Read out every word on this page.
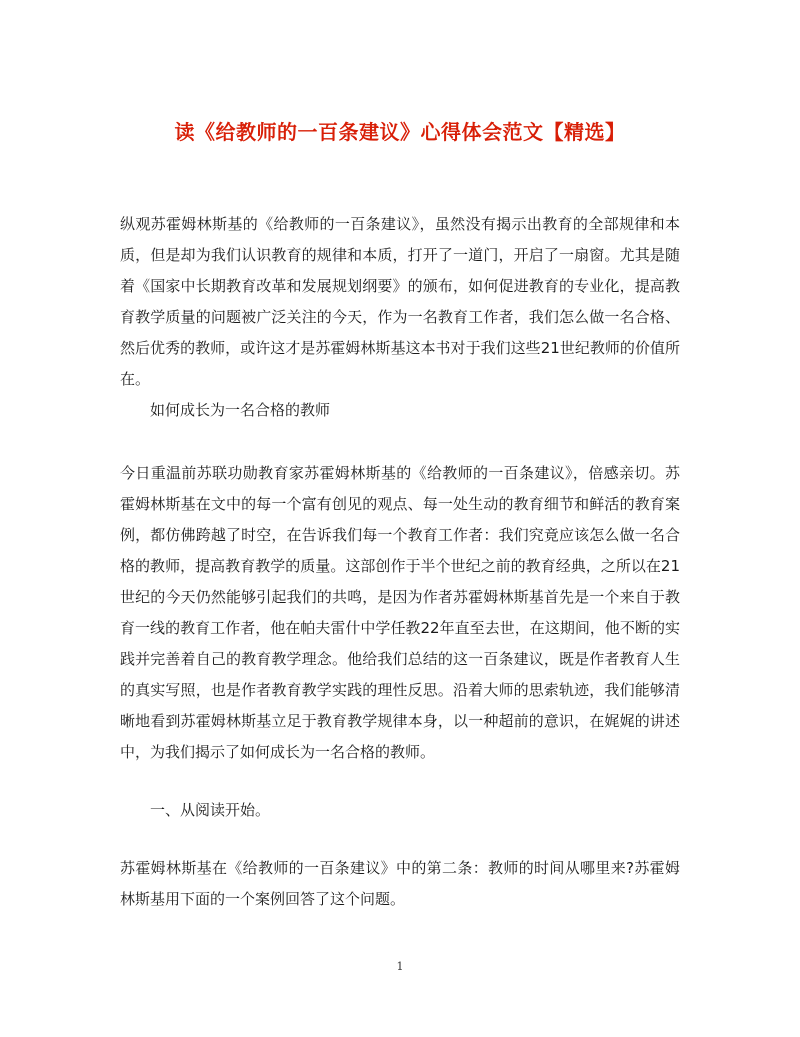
读《给教师的一百条建议》心得体会范文【精选】
纵观苏霍姆林斯基的《给教师的一百条建议》，虽然没有揭示出教育的全部规律和本质，但是却为我们认识教育的规律和本质，打开了一道门，开启了一扇窗。尤其是随着《国家中长期教育改革和发展规划纲要》的颁布，如何促进教育的专业化，提高教育教学质量的问题被广泛关注的今天，作为一名教育工作者，我们怎么做一名合格、然后优秀的教师，或许这才是苏霍姆林斯基这本书对于我们这些21世纪教师的价值所在。
如何成长为一名合格的教师
今日重温前苏联功勋教育家苏霍姆林斯基的《给教师的一百条建议》，倍感亲切。苏霍姆林斯基在文中的每一个富有创见的观点、每一处生动的教育细节和鲜活的教育案例，都仿佛跨越了时空，在告诉我们每一个教育工作者：我们究竟应该怎么做一名合格的教师，提高教育教学的质量。这部创作于半个世纪之前的教育经典，之所以在21世纪的今天仍然能够引起我们的共鸣，是因为作者苏霍姆林斯基首先是一个来自于教育一线的教育工作者，他在帕夫雷什中学任教22年直至去世，在这期间，他不断的实践并完善着自己的教育教学理念。他给我们总结的这一百条建议，既是作者教育人生的真实写照，也是作者教育教学实践的理性反思。沿着大师的思索轨迹，我们能够清晰地看到苏霍姆林斯基立足于教育教学规律本身，以一种超前的意识，在娓娓的讲述中，为我们揭示了如何成长为一名合格的教师。
一、从阅读开始。
苏霍姆林斯基在《给教师的一百条建议》中的第二条：教师的时间从哪里来?苏霍姆林斯基用下面的一个案例回答了这个问题。
1
